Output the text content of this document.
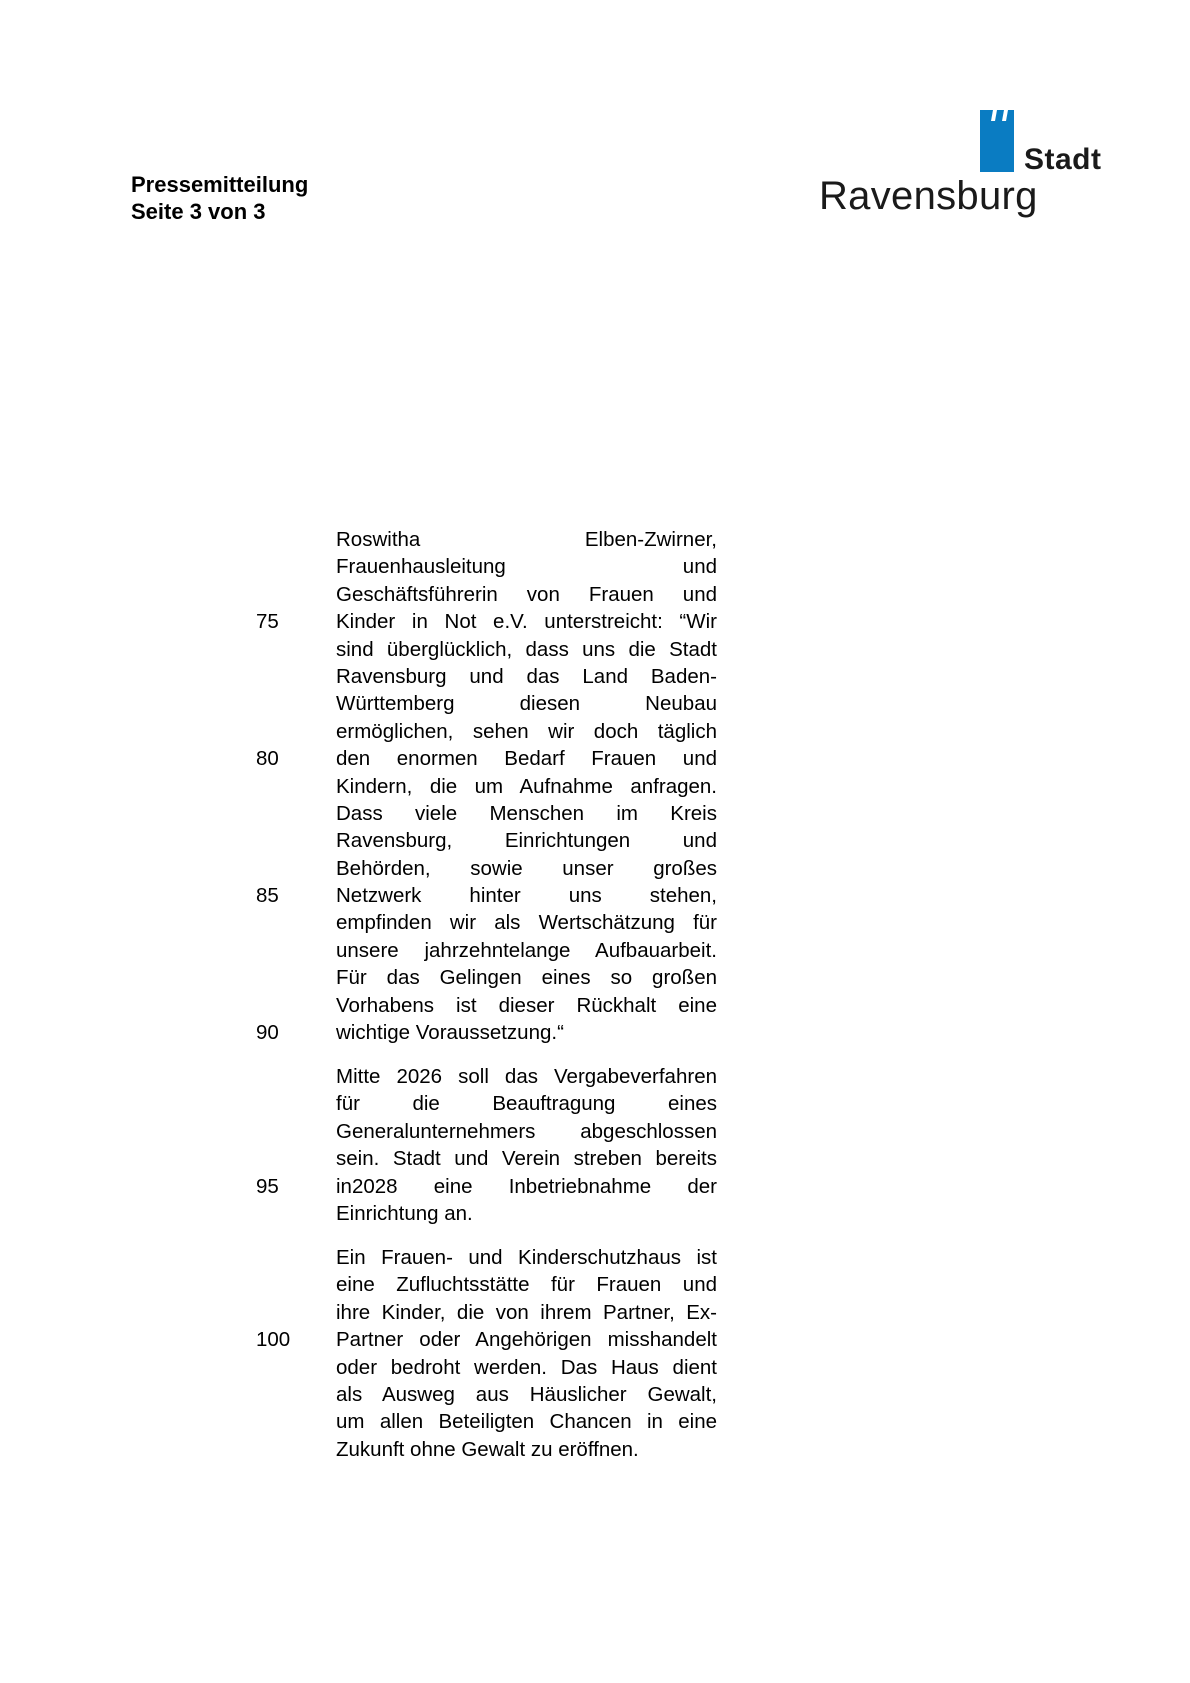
Pressemitteilung
Seite 3 von 3
Stadt
Ravensburg
Roswitha Elben-Zwirner,
Frauenhausleitung und
Geschäftsführerin von Frauen und
Kinder in Not e.V. unterstreicht: “Wir
75
sind überglücklich, dass uns die Stadt
Ravensburg und das Land Baden-
Württemberg diesen Neubau
ermöglichen, sehen wir doch täglich
den enormen Bedarf Frauen und
80
Kindern, die um Aufnahme anfragen.
Dass viele Menschen im Kreis
Ravensburg, Einrichtungen und
Behörden, sowie unser großes
Netzwerk hinter uns stehen,
85
empfinden wir als Wertschätzung für
unsere jahrzehntelange Aufbauarbeit.
Für das Gelingen eines so großen
Vorhabens ist dieser Rückhalt eine
wichtige Voraussetzung.“
90
Mitte 2026 soll das Vergabeverfahren
für die Beauftragung eines
Generalunternehmers abgeschlossen
sein. Stadt und Verein streben bereits
in2028 eine Inbetriebnahme der
95
Einrichtung an.
Ein Frauen- und Kinderschutzhaus ist
eine Zufluchtsstätte für Frauen und
ihre Kinder, die von ihrem Partner, Ex-
Partner oder Angehörigen misshandelt
100
oder bedroht werden. Das Haus dient
als Ausweg aus Häuslicher Gewalt,
um allen Beteiligten Chancen in eine
Zukunft ohne Gewalt zu eröffnen.
